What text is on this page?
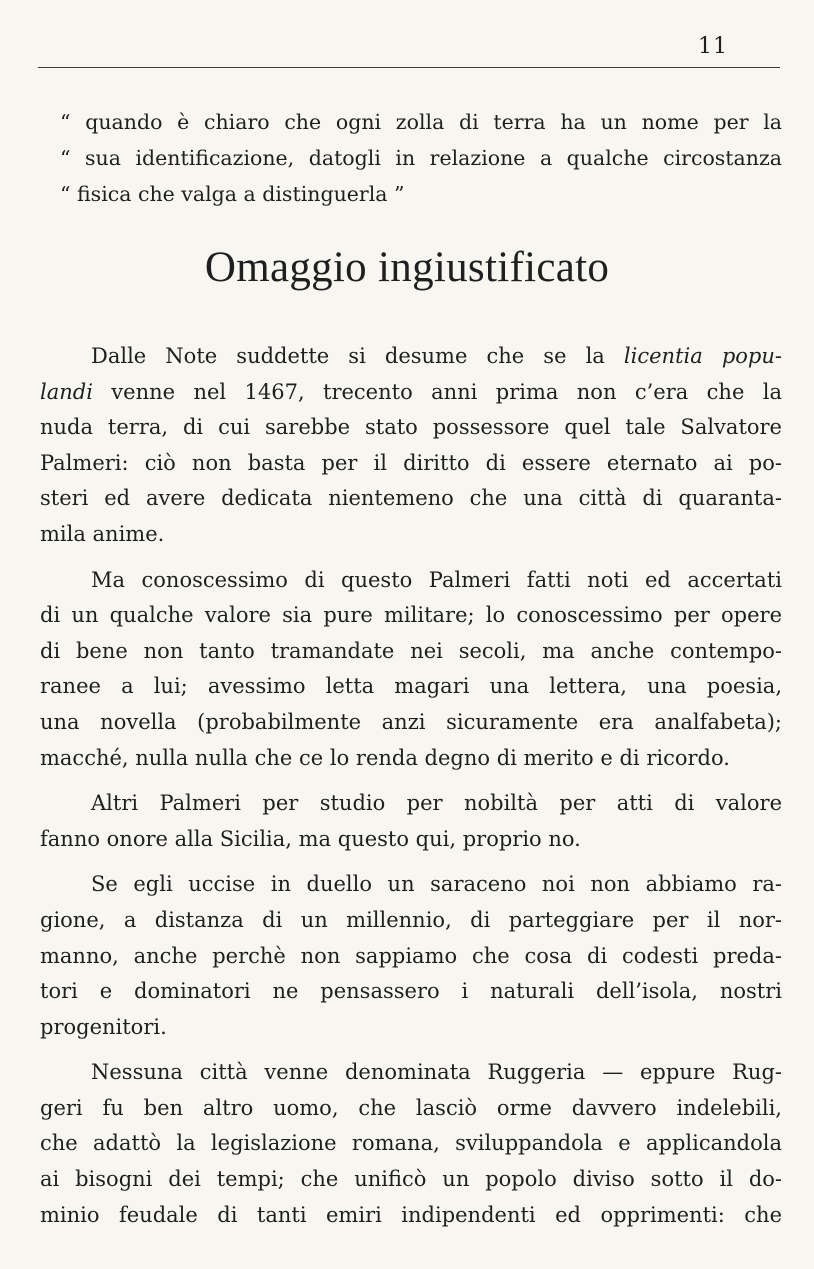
11
“ quando è chiaro che ogni zolla di terra ha un nome per la
“ sua identificazione, datogli in relazione a qualche circostanza
“ fisica che valga a distinguerla ”
Omaggio ingiustificato
Dalle Note suddette si desume che se la licentia popu-
landi venne nel 1467, trecento anni prima non c’era che la
nuda terra, di cui sarebbe stato possessore quel tale Salvatore
Palmeri: ciò non basta per il diritto di essere eternato ai po-
steri ed avere dedicata nientemeno che una città di quaranta-
mila anime.
Ma conoscessimo di questo Palmeri fatti noti ed accertati
di un qualche valore sia pure militare; lo conoscessimo per opere
di bene non tanto tramandate nei secoli, ma anche contempo-
ranee a lui; avessimo letta magari una lettera, una poesia,
una novella (probabilmente anzi sicuramente era analfabeta);
macché, nulla nulla che ce lo renda degno di merito e di ricordo.
Altri Palmeri per studio per nobiltà per atti di valore
fanno onore alla Sicilia, ma questo qui, proprio no.
Se egli uccise in duello un saraceno noi non abbiamo ra-
gione, a distanza di un millennio, di parteggiare per il nor-
manno, anche perchè non sappiamo che cosa di codesti preda-
tori e dominatori ne pensassero i naturali dell’isola, nostri
progenitori.
Nessuna città venne denominata Ruggeria — eppure Rug-
geri fu ben altro uomo, che lasciò orme davvero indelebili,
che adattò la legislazione romana, sviluppandola e applicandola
ai bisogni dei tempi; che unificò un popolo diviso sotto il do-
minio feudale di tanti emiri indipendenti ed opprimenti: che
